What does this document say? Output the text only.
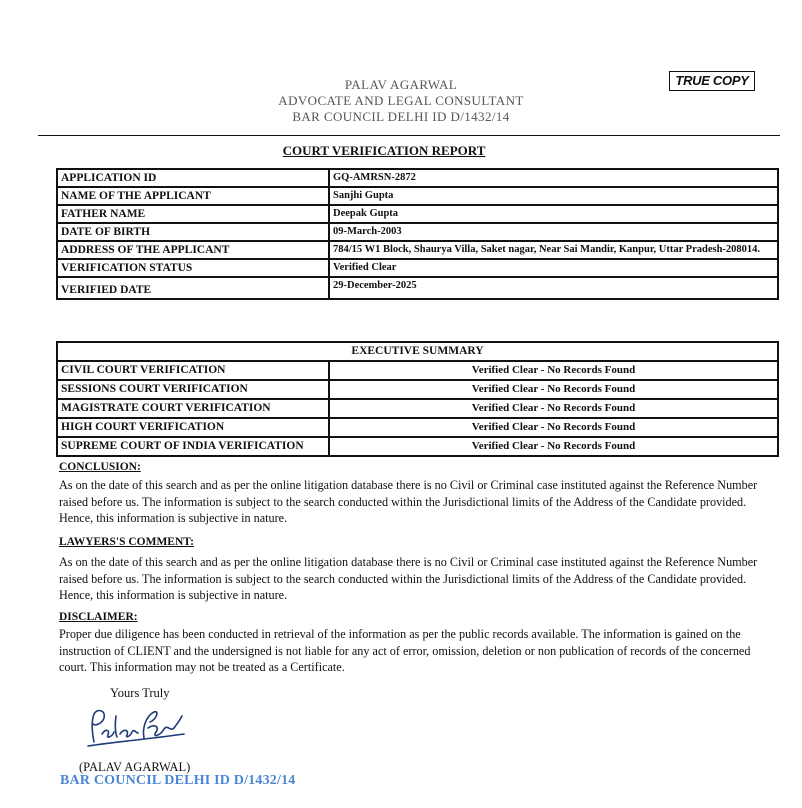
TRUE COPY
PALAV AGARWAL
ADVOCATE AND LEGAL CONSULTANT
BAR COUNCIL DELHI ID D/1432/14
COURT VERIFICATION REPORT
APPLICATION ID	GQ-AMRSN-2872
NAME OF THE APPLICANT	Sanjhi Gupta
FATHER NAME	Deepak Gupta
DATE OF BIRTH	09-March-2003
ADDRESS OF THE APPLICANT	784/15 W1 Block, Shaurya Villa, Saket nagar, Near Sai Mandir, Kanpur, Uttar Pradesh-208014.
VERIFICATION STATUS	Verified Clear
VERIFIED DATE	29-December-2025
EXECUTIVE SUMMARY	
CIVIL COURT VERIFICATION	Verified Clear - No Records Found
SESSIONS COURT VERIFICATION	Verified Clear - No Records Found
MAGISTRATE COURT VERIFICATION	Verified Clear - No Records Found
HIGH COURT VERIFICATION	Verified Clear - No Records Found
SUPREME COURT OF INDIA VERIFICATION	Verified Clear - No Records Found
CONCLUSION:
As on the date of this search and as per the online litigation database there is no Civil or Criminal case instituted against the Reference Number raised before us. The information is subject to the search conducted within the Jurisdictional limits of the Address of the Candidate provided. Hence, this information is subjective in nature.
LAWYERS'S COMMENT:
As on the date of this search and as per the online litigation database there is no Civil or Criminal case instituted against the Reference Number raised before us. The information is subject to the search conducted within the Jurisdictional limits of the Address of the Candidate provided. Hence, this information is subjective in nature.
DISCLAIMER:
Proper due diligence has been conducted in retrieval of the information as per the public records available. The information is gained on the instruction of CLIENT and the undersigned is not liable for any act of error, omission, deletion or non publication of records of the concerned court. This information may not be treated as a Certificate.
Yours Truly
(PALAV AGARWAL)
BAR COUNCIL DELHI ID D/1432/14
